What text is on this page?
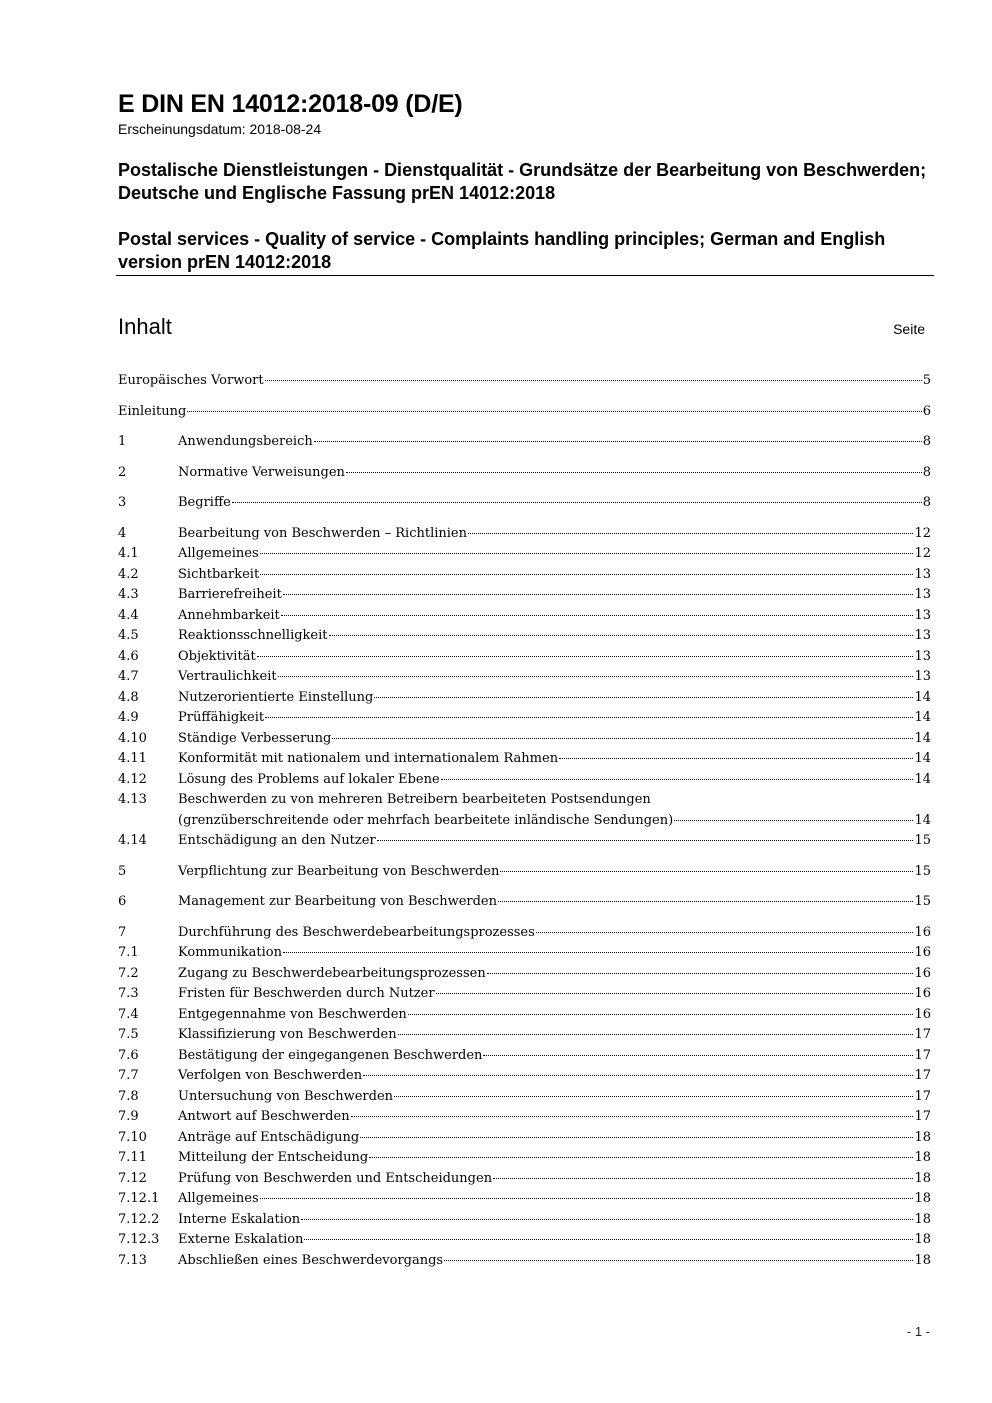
E DIN EN 14012:2018-09 (D/E)
Erscheinungsdatum: 2018-08-24
Postalische Dienstleistungen - Dienstqualität - Grundsätze der Bearbeitung von Beschwerden; Deutsche und Englische Fassung prEN 14012:2018
Postal services - Quality of service - Complaints handling principles; German and English version prEN 14012:2018
Inhalt	Seite
Europäisches Vorwort	5
Einleitung	6
1	Anwendungsbereich	8
2	Normative Verweisungen	8
3	Begriffe	8
4	Bearbeitung von Beschwerden – Richtlinien	12
4.1	Allgemeines	12
4.2	Sichtbarkeit	13
4.3	Barrierefreiheit	13
4.4	Annehmbarkeit	13
4.5	Reaktionsschnelligkeit	13
4.6	Objektivität	13
4.7	Vertraulichkeit	13
4.8	Nutzerorientierte Einstellung	14
4.9	Prüffähigkeit	14
4.10 Ständige Verbesserung	14
4.11 Konformität mit nationalem und internationalem Rahmen	14
4.12 Lösung des Problems auf lokaler Ebene	14
4.13 Beschwerden zu von mehreren Betreibern bearbeiteten Postsendungen
(grenzüberschreitende oder mehrfach bearbeitete inländische Sendungen)	14
4.14 Entschädigung an den Nutzer	15
5	Verpflichtung zur Bearbeitung von Beschwerden	15
6	Management zur Bearbeitung von Beschwerden	15
7	Durchführung des Beschwerdebearbeitungsprozesses	16
7.1	Kommunikation	16
7.2	Zugang zu Beschwerdebearbeitungsprozessen	16
7.3	Fristen für Beschwerden durch Nutzer	16
7.4	Entgegennahme von Beschwerden	16
7.5	Klassifizierung von Beschwerden	17
7.6	Bestätigung der eingegangenen Beschwerden	17
7.7	Verfolgen von Beschwerden	17
7.8	Untersuchung von Beschwerden	17
7.9	Antwort auf Beschwerden	17
7.10 Anträge auf Entschädigung	18
7.11 Mitteilung der Entscheidung	18
7.12 Prüfung von Beschwerden und Entscheidungen	18
7.12.1 Allgemeines	18
7.12.2 Interne Eskalation	18
7.12.3 Externe Eskalation	18
7.13 Abschließen eines Beschwerdevorgangs	18
- 1 -
